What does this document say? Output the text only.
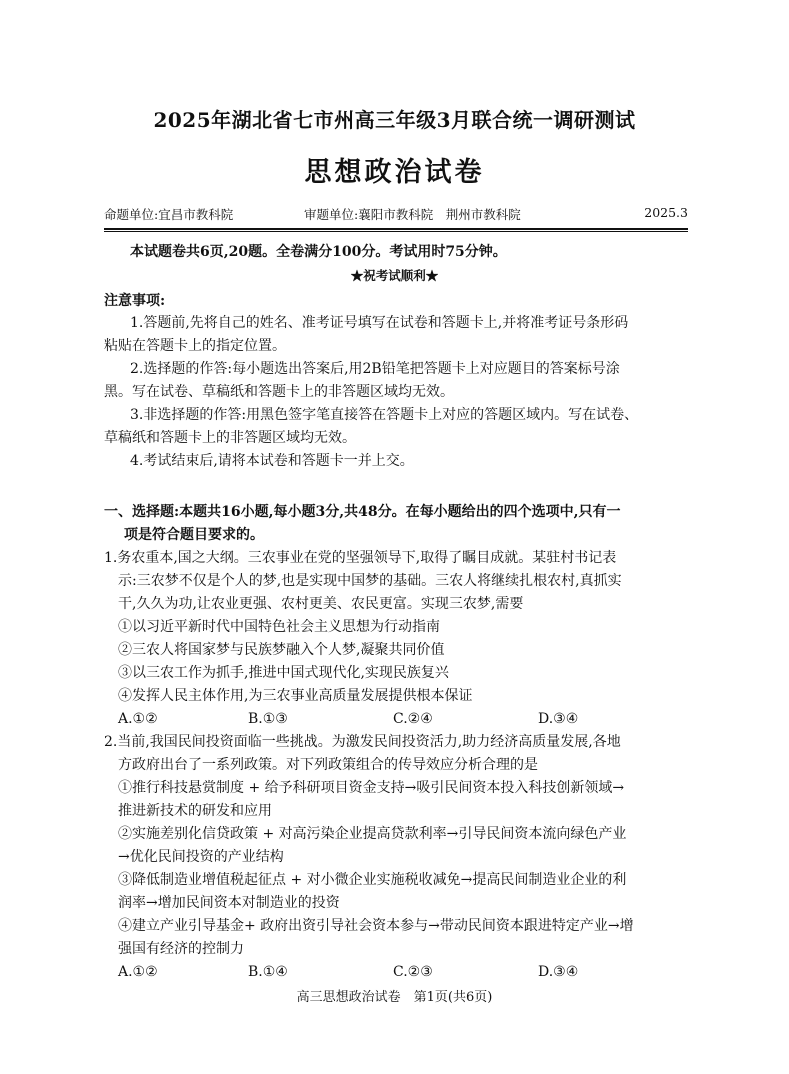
2025年湖北省七市州高三年级3月联合统一调研测试
思想政治试卷
命题单位:宜昌市教科院	审题单位:襄阳市教科院　荆州市教科院	2025.3
本试题卷共6页,20题。全卷满分100分。考试用时75分钟。
★祝考试顺利★
注意事项:
1.答题前,先将自己的姓名、准考证号填写在试卷和答题卡上,并将准考证号条形码
粘贴在答题卡上的指定位置。
2.选择题的作答:每小题选出答案后,用2B铅笔把答题卡上对应题目的答案标号涂
黑。写在试卷、草稿纸和答题卡上的非答题区域均无效。
3.非选择题的作答:用黑色签字笔直接答在答题卡上对应的答题区域内。写在试卷、
草稿纸和答题卡上的非答题区域均无效。
4.考试结束后,请将本试卷和答题卡一并上交。
一、选择题:本题共16小题,每小题3分,共48分。在每小题给出的四个选项中,只有一
项是符合题目要求的。
1.务农重本,国之大纲。三农事业在党的坚强领导下,取得了瞩目成就。某驻村书记表
示:三农梦不仅是个人的梦,也是实现中国梦的基础。三农人将继续扎根农村,真抓实
干,久久为功,让农业更强、农村更美、农民更富。实现三农梦,需要
①以习近平新时代中国特色社会主义思想为行动指南
②三农人将国家梦与民族梦融入个人梦,凝聚共同价值
③以三农工作为抓手,推进中国式现代化,实现民族复兴
④发挥人民主体作用,为三农事业高质量发展提供根本保证
A.①②	B.①③	C.②④	D.③④
2.当前,我国民间投资面临一些挑战。为激发民间投资活力,助力经济高质量发展,各地
方政府出台了一系列政策。对下列政策组合的传导效应分析合理的是
①推行科技悬赏制度 + 给予科研项目资金支持→吸引民间资本投入科技创新领域→
推进新技术的研发和应用
②实施差别化信贷政策 + 对高污染企业提高贷款利率→引导民间资本流向绿色产业
→优化民间投资的产业结构
③降低制造业增值税起征点 + 对小微企业实施税收减免→提高民间制造业企业的利
润率→增加民间资本对制造业的投资
④建立产业引导基金+ 政府出资引导社会资本参与→带动民间资本跟进特定产业→增
强国有经济的控制力
A.①②	B.①④	C.②③	D.③④
高三思想政治试卷　第1页(共6页)
